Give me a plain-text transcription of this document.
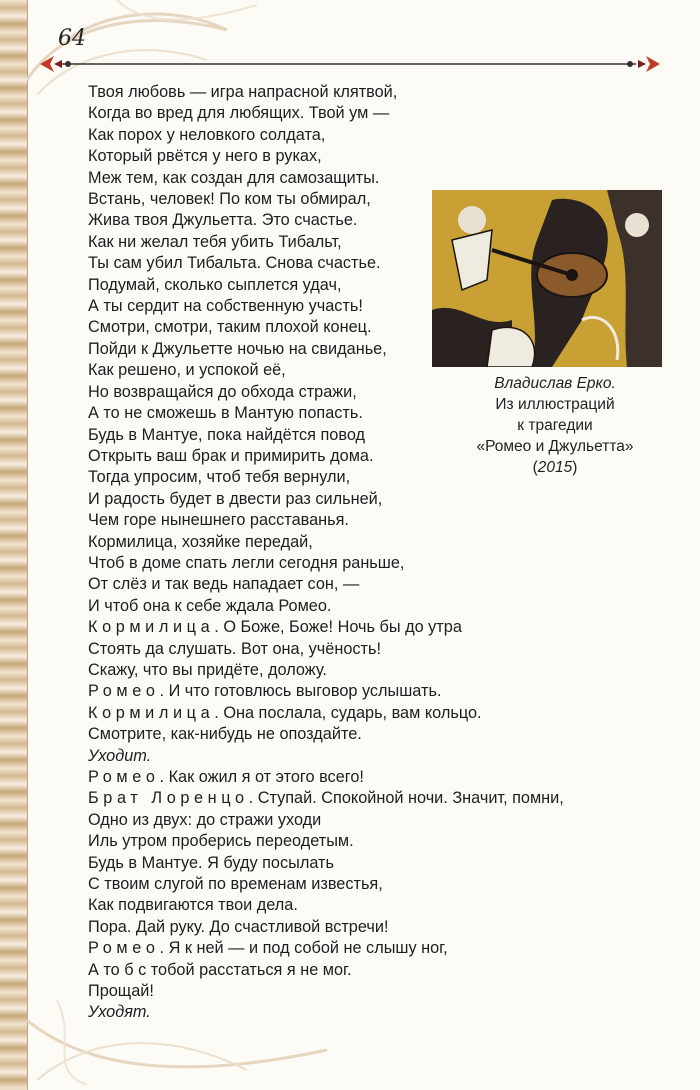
64
Твоя любовь — игра напрасной клятвой,
Когда во вред для любящих. Твой ум —
Как порох у неловкого солдата,
Который рвётся у него в руках,
Меж тем, как создан для самозащиты.
Встань, человек! По ком ты обмирал,
Жива твоя Джульетта. Это счастье.
Как ни желал тебя убить Тибальт,
Ты сам убил Тибальта. Снова счастье.
Подумай, сколько сыплется удач,
А ты сердит на собственную участь!
Смотри, смотри, таким плохой конец.
Пойди к Джульетте ночью на свиданье,
Как решено, и успокой её,
Но возвращайся до обхода стражи,
А то не сможешь в Мантую попасть.
Будь в Мантуе, пока найдётся повод
Открыть ваш брак и примирить дома.
Тогда упросим, чтоб тебя вернули,
И радость будет в двести раз сильней,
Чем горе нынешнего расставанья.
Кормилица, хозяйке передай,
Чтоб в доме спать легли сегодня раньше,
От слёз и так ведь нападает сон, —
И чтоб она к себе ждала Ромео.
Кормилица. О Боже, Боже! Ночь бы до утра
Стоять да слушать. Вот она, учёность!
Скажу, что вы придёте, доложу.
Ромео. И что готовлюсь выговор услышать.
Кормилица. Она послала, сударь, вам кольцо.
Смотрите, как-нибудь не опоздайте.
Уходит.
Ромео. Как ожил я от этого всего!
Брат Лоренцо. Ступай. Спокойной ночи. Значит, помни,
Одно из двух: до стражи уходи
Иль утром проберись переодетым.
Будь в Мантуе. Я буду посылать
С твоим слугой по временам известья,
Как подвигаются твои дела.
Пора. Дай руку. До счастливой встречи!
Ромео. Я к ней — и под собой не слышу ног,
А то б с тобой расстаться я не мог.
Прощай!
Уходят.
Владислав Ерко.
Из иллюстраций
к трагедии
«Ромео и Джульетта»
(2015)
